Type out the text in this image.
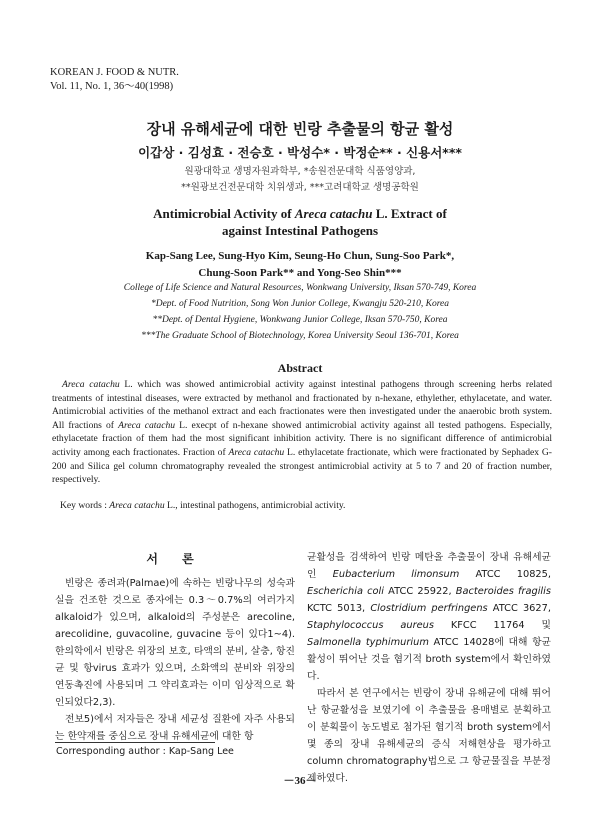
KOREAN J. FOOD & NUTR.
Vol. 11, No. 1, 36～40(1998)
장내 유해세균에 대한 빈랑 추출물의 항균 활성
이갑상 · 김성효 · 전승호 · 박성수* · 박정순** · 신용서***
원광대학교 생명자원과학부, *송원전문대학 식품영양과,
**원광보건전문대학 치위생과, ***고려대학교 생명공학원
Antimicrobial Activity of Areca catachu L. Extract of
against Intestinal Pathogens
Kap-Sang Lee, Sung-Hyo Kim, Seung-Ho Chun, Sung-Soo Park*,
Chung-Soon Park** and Yong-Seo Shin***
College of Life Science and Natural Resources, Wonkwang University, Iksan 570-749, Korea
*Dept. of Food Nutrition, Song Won Junior College, Kwangju 520-210, Korea
**Dept. of Dental Hygiene, Wonkwang Junior College, Iksan 570-750, Korea
***The Graduate School of Biotechnology, Korea University Seoul 136-701, Korea
Abstract
Areca catachu L. which was showed antimicrobial activity against intestinal pathogens through screening herbs related treatments of intestinal diseases, were extracted by methanol and fractionated by n-hexane, ethylether, ethylacetate, and water. Antimicrobial activities of the methanol extract and each fractionates were then investigated under the anaerobic broth system. All fractions of Areca catachu L. execpt of n-hexane showed antimicrobial activity against all tested pathogens. Especially, ethylacetate fraction of them had the most significant inhibition activity. There is no significant difference of antimicrobial activity among each fractionates. Fraction of Areca catachu L. ethylacetate fractionate, which were fractionated by Sephadex G-200 and Silica gel column chromatography revealed the strongest antimicrobial activity at 5 to 7 and 20 of fraction number, respectively.
Key words : Areca catachu L., intestinal pathogens, antimicrobial activity.
서 론

빈랑은 종려과(Palmae)에 속하는 빈랑나무의 성숙과실을 건조한 것으로 종자에는 0.3～0.7%의 여러가지 alkaloid가 있으며, alkaloid의 주성분은 arecoline, arecolidine, guvacoline, guvacine 등이 있다1~4). 한의학에서 빈랑은 위장의 보호, 타액의 분비, 살충, 항진균 및 항virus 효과가 있으며, 소화액의 분비와 위장의 연동촉진에 사용되며 그 약리효과는 이미 임상적으로 확인되었다2,3).

전보5)에서 저자들은 장내 세균성 질환에 자주 사용되는 한약재를 중심으로 장내 유해세균에 대한 항

균활성을 검색하여 빈랑 메탄올 추출물이 장내 유해세균인 Eubacterium limonsum ATCC 10825, Escherichia coli ATCC 25922, Bacteroides fragilis KCTC 5013, Clostridium perfringens ATCC 3627, Staphylococcus aureus KFCC 11764 및 Salmonella typhimurium ATCC 14028에 대해 항균활성이 뛰어난 것을 혐기적 broth system에서 확인하였다.

따라서 본 연구에서는 빈랑이 장내 유해균에 대해 뛰어난 항균활성을 보였기에 이 추출물을 용매별로 분획하고 이 분획물이 농도별로 첨가된 혐기적 broth system에서 몇 종의 장내 유해세균의 증식 저해현상을 평가하고 column chromatography법으로 그 항균물질을 부분정제하였다.

Corresponding author : Kap-Sang Lee
－36－
